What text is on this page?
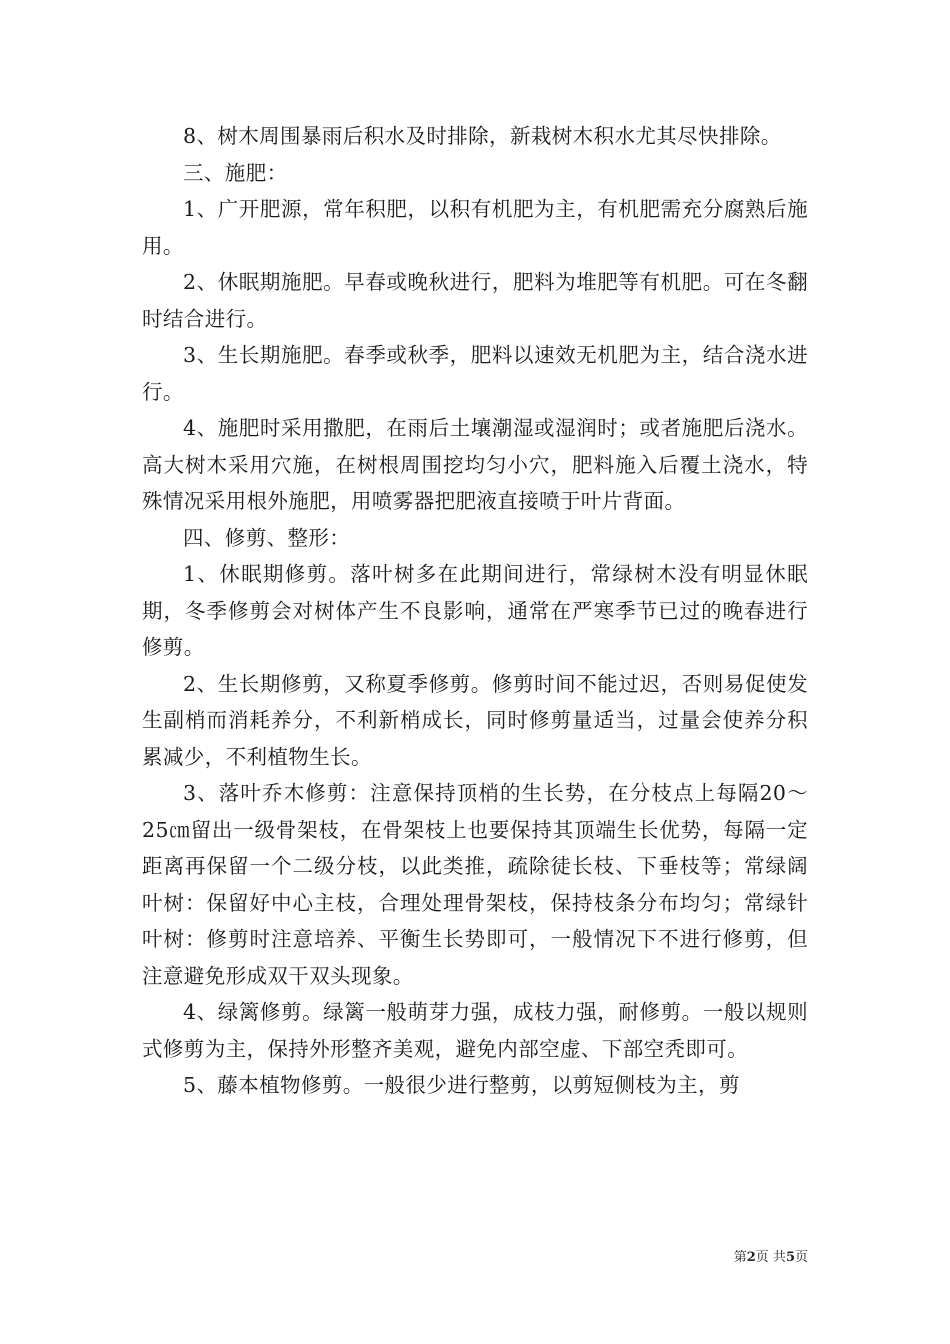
8、树木周围暴雨后积水及时排除，新栽树木积水尤其尽快排除。

三、施肥：

1、广开肥源，常年积肥，以积有机肥为主，有机肥需充分腐熟后施用。

2、休眠期施肥。早春或晚秋进行，肥料为堆肥等有机肥。可在冬翻时结合进行。

3、生长期施肥。春季或秋季，肥料以速效无机肥为主，结合浇水进行。

4、施肥时采用撒肥，在雨后土壤潮湿或湿润时；或者施肥后浇水。高大树木采用穴施，在树根周围挖均匀小穴，肥料施入后覆土浇水，特殊情况采用根外施肥，用喷雾器把肥液直接喷于叶片背面。

四、修剪、整形：

1、休眠期修剪。落叶树多在此期间进行，常绿树木没有明显休眠期，冬季修剪会对树体产生不良影响，通常在严寒季节已过的晚春进行修剪。

2、生长期修剪，又称夏季修剪。修剪时间不能过迟，否则易促使发生副梢而消耗养分，不利新梢成长，同时修剪量适当，过量会使养分积累减少，不利植物生长。

3、落叶乔木修剪：注意保持顶梢的生长势，在分枝点上每隔20～25㎝留出一级骨架枝，在骨架枝上也要保持其顶端生长优势，每隔一定距离再保留一个二级分枝，以此类推，疏除徒长枝、下垂枝等；常绿阔叶树：保留好中心主枝，合理处理骨架枝，保持枝条分布均匀；常绿针叶树：修剪时注意培养、平衡生长势即可，一般情况下不进行修剪，但注意避免形成双干双头现象。

4、绿篱修剪。绿篱一般萌芽力强，成枝力强，耐修剪。一般以规则式修剪为主，保持外形整齐美观，避免内部空虚、下部空秃即可。

5、藤本植物修剪。一般很少进行整剪，以剪短侧枝为主，剪

第2页 共5页
